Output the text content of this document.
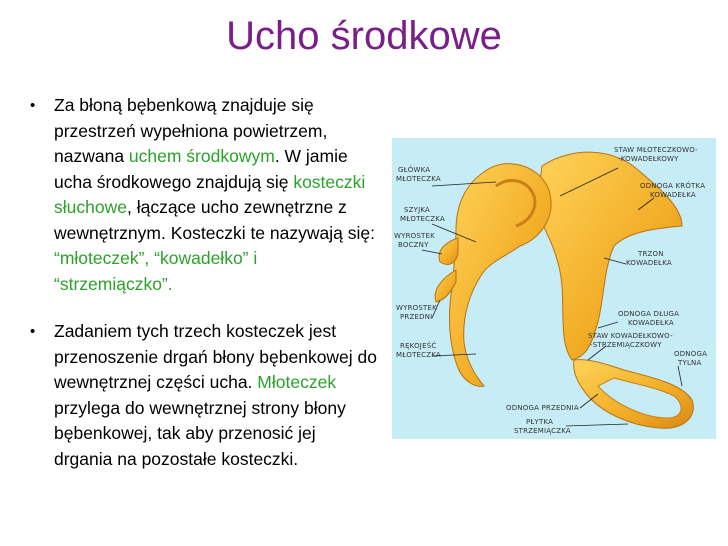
Ucho środkowe
• Za błoną bębenkową znajduje się przestrzeń wypełniona powietrzem, nazwana uchem środkowym. W jamie ucha środkowego znajdują się kosteczki słuchowe, łączące ucho zewnętrzne z wewnętrznym. Kosteczki te nazywają się: “młoteczek”, “kowadełko” i “strzemiączko”.
• Zadaniem tych trzech kosteczek jest przenoszenie drgań błony bębenkowej do wewnętrznej części ucha. Młoteczek przylega do wewnętrznej strony błony bębenkowej, tak aby przenosić jej drgania na pozostałe kosteczki.
GŁÓWKA MŁOTECZKA
STAW MŁOTECZKOWO--KOWADEŁKOWY
SZYJKA MŁOTECZKA
ODNOGA KRÓTKA KOWADEŁKA
WYROSTEK BOCZNY
TRZON KOWADEŁKA
WYROSTEK PRZEDNI	ODNOGA DŁUGA KOWADEŁKA
RĘKOJEŚĆ MŁOTECZKA
STAW KOWADEŁKOWO--STRZEMIĄCZKOWY
ODNOGA TYLNA
ODNOGA PRZEDNIA
PŁYTKA STRZEMIĄCZKA
